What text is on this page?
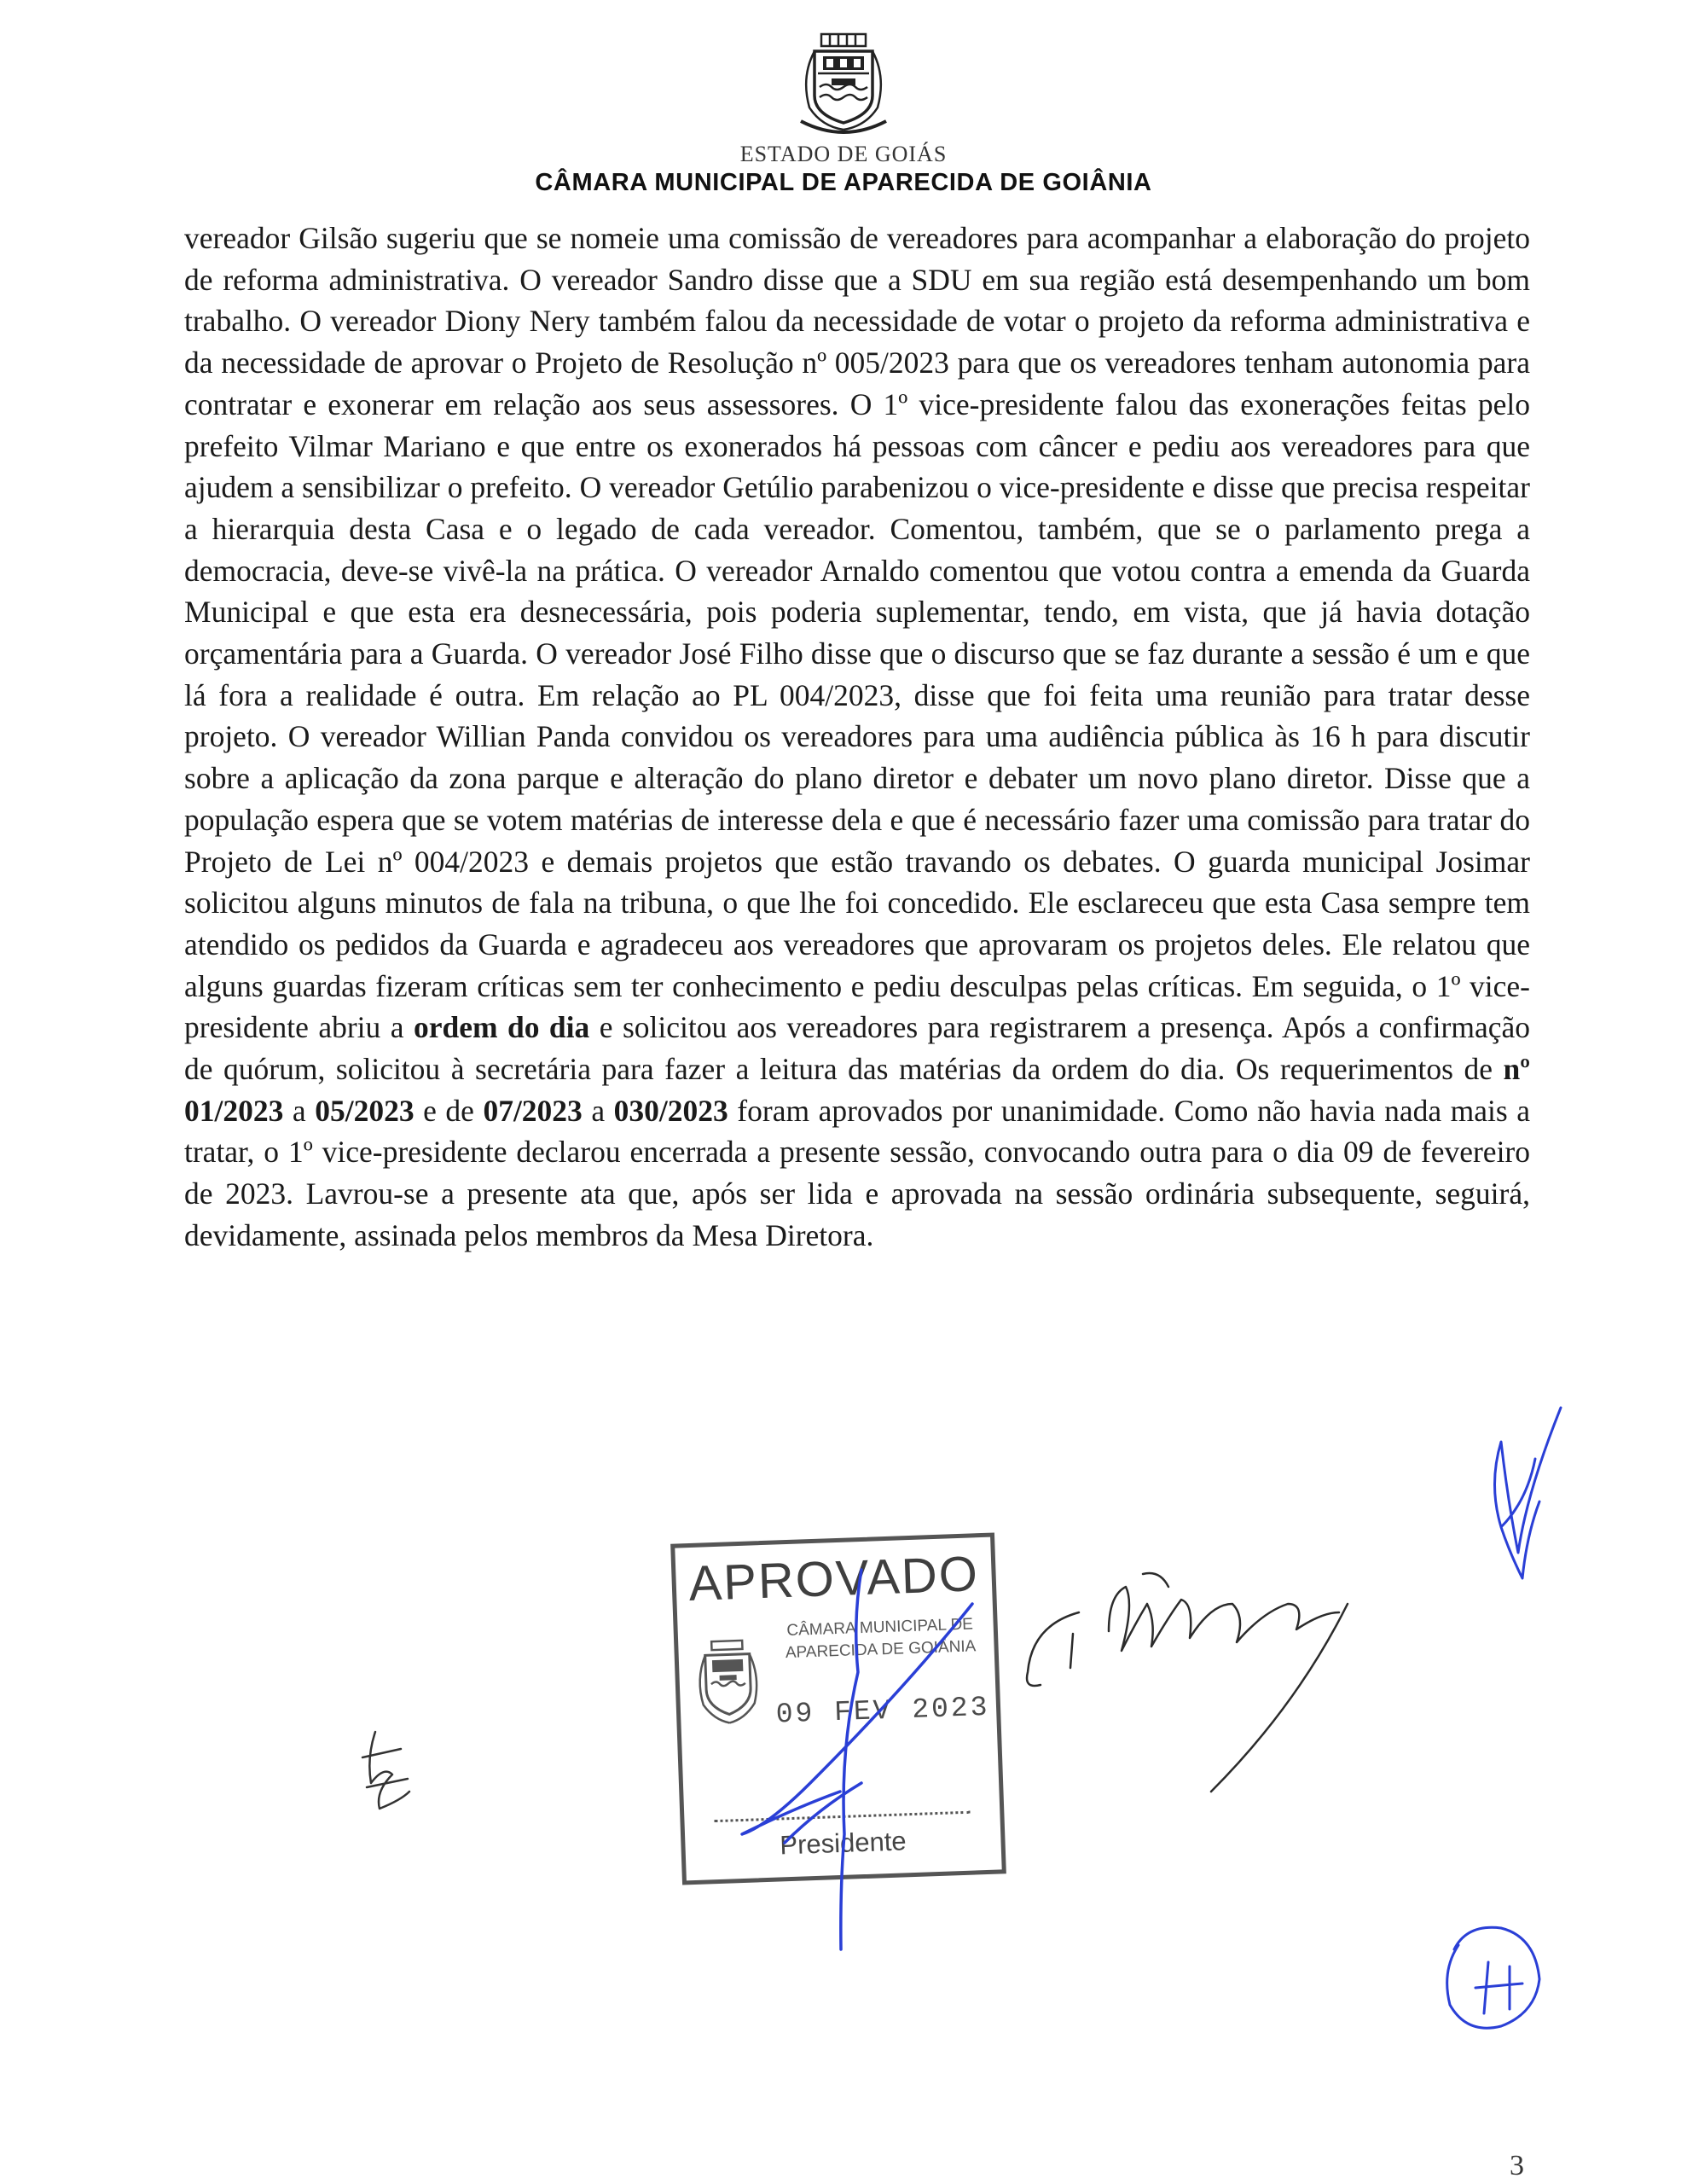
ESTADO DE GOIÁS
CÂMARA MUNICIPAL DE APARECIDA DE GOIÂNIA

vereador Gilsão sugeriu que se nomeie uma comissão de vereadores para acompanhar a elaboração do projeto de reforma administrativa. O vereador Sandro disse que a SDU em sua região está desempenhando um bom trabalho. O vereador Diony Nery também falou da necessidade de votar o projeto da reforma administrativa e da necessidade de aprovar o Projeto de Resolução nº 005/2023 para que os vereadores tenham autonomia para contratar e exonerar em relação aos seus assessores. O 1º vice-presidente falou das exonerações feitas pelo prefeito Vilmar Mariano e que entre os exonerados há pessoas com câncer e pediu aos vereadores para que ajudem a sensibilizar o prefeito. O vereador Getúlio parabenizou o vice-presidente e disse que precisa respeitar a hierarquia desta Casa e o legado de cada vereador. Comentou, também, que se o parlamento prega a democracia, deve-se vivê-la na prática. O vereador Arnaldo comentou que votou contra a emenda da Guarda Municipal e que esta era desnecessária, pois poderia suplementar, tendo, em vista, que já havia dotação orçamentária para a Guarda. O vereador José Filho disse que o discurso que se faz durante a sessão é um e que lá fora a realidade é outra. Em relação ao PL 004/2023, disse que foi feita uma reunião para tratar desse projeto. O vereador Willian Panda convidou os vereadores para uma audiência pública às 16 h para discutir sobre a aplicação da zona parque e alteração do plano diretor e debater um novo plano diretor. Disse que a população espera que se votem matérias de interesse dela e que é necessário fazer uma comissão para tratar do Projeto de Lei nº 004/2023 e demais projetos que estão travando os debates. O guarda municipal Josimar solicitou alguns minutos de fala na tribuna, o que lhe foi concedido. Ele esclareceu que esta Casa sempre tem atendido os pedidos da Guarda e agradeceu aos vereadores que aprovaram os projetos deles. Ele relatou que alguns guardas fizeram críticas sem ter conhecimento e pediu desculpas pelas críticas. Em seguida, o 1º vice-presidente abriu a ordem do dia e solicitou aos vereadores para registrarem a presença. Após a confirmação de quórum, solicitou à secretária para fazer a leitura das matérias da ordem do dia. Os requerimentos de nº 01/2023 a 05/2023 e de 07/2023 a 030/2023 foram aprovados por unanimidade. Como não havia nada mais a tratar, o 1º vice-presidente declarou encerrada a presente sessão, convocando outra para o dia 09 de fevereiro de 2023. Lavrou-se a presente ata que, após ser lida e aprovada na sessão ordinária subsequente, seguirá, devidamente, assinada pelos membros da Mesa Diretora.

APROVADO
CÂMARA MUNICIPAL DE
APARECIDA DE GOIÂNIA
09 FEV 2023
Presidente
3
